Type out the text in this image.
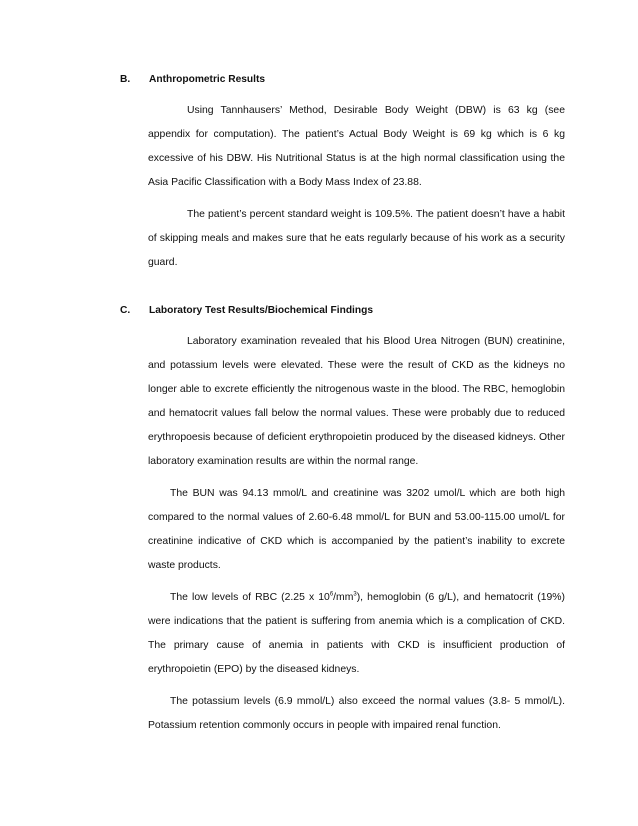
B. Anthropometric Results

Using Tannhausers’ Method, Desirable Body Weight (DBW) is 63 kg (see appendix for computation). The patient’s Actual Body Weight is 69 kg which is 6 kg excessive of his DBW. His Nutritional Status is at the high normal classification using the Asia Pacific Classification with a Body Mass Index of 23.88.

The patient’s percent standard weight is 109.5%. The patient doesn’t have a habit of skipping meals and makes sure that he eats regularly because of his work as a security guard.

C. Laboratory Test Results/Biochemical Findings

Laboratory examination revealed that his Blood Urea Nitrogen (BUN) creatinine, and potassium levels were elevated. These were the result of CKD as the kidneys no longer able to excrete efficiently the nitrogenous waste in the blood. The RBC, hemoglobin and hematocrit values fall below the normal values. These were probably due to reduced erythropoesis because of deficient erythropoietin produced by the diseased kidneys. Other laboratory examination results are within the normal range.

The BUN was 94.13 mmol/L and creatinine was 3202 umol/L which are both high compared to the normal values of 2.60-6.48 mmol/L for BUN and 53.00-115.00 umol/L for creatinine indicative of CKD which is accompanied by the patient’s inability to excrete waste products.

The low levels of RBC (2.25 x $10^6/mm^3$), hemoglobin (6 g/L), and hematocrit (19%) were indications that the patient is suffering from anemia which is a complication of CKD. The primary cause of anemia in patients with CKD is insufficient production of erythropoietin (EPO) by the diseased kidneys.

The potassium levels (6.9 mmol/L) also exceed the normal values (3.8- 5 mmol/L). Potassium retention commonly occurs in people with impaired renal function.
